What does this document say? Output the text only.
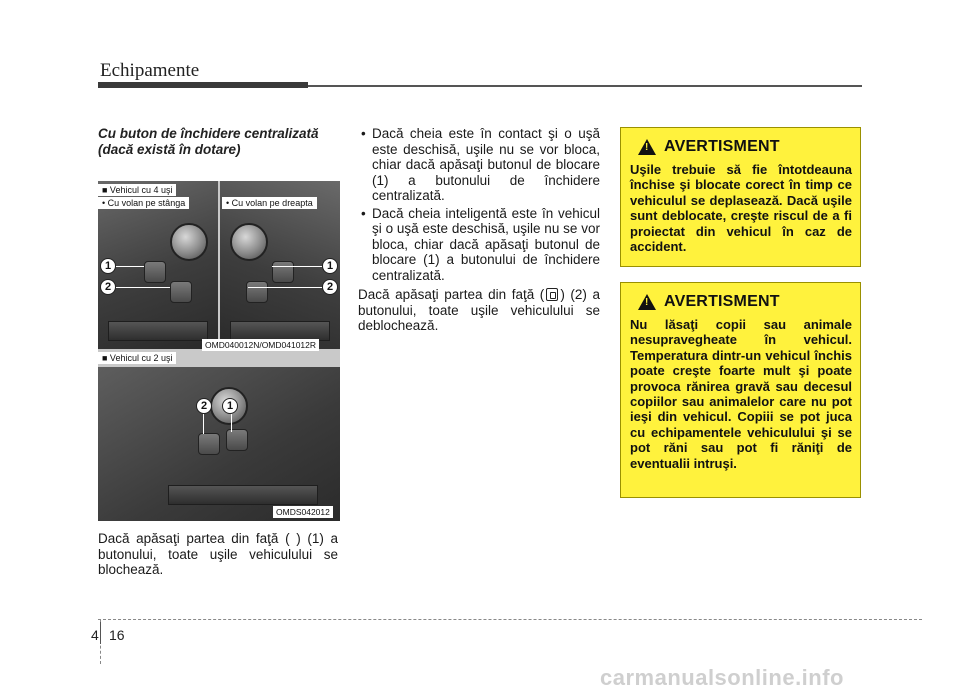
Echipamente
Cu buton de închidere centralizată (dacă există în dotare)
■ Vehicul cu 4 uşi
• Cu volan pe stânga	• Cu volan pe dreapta
1
2
1
2
OMD040012N/OMD041012R
■ Vehicul cu 2 uşi
2	1
OMDS042012
Dacă apăsaţi partea din faţă ( ) (1) a butonului, toate uşile vehiculului se blochează.
• Dacă cheia este în contact şi o uşă este deschisă, uşile nu se vor bloca, chiar dacă apăsaţi butonul de blocare (1) a butonului de închidere centralizată.
• Dacă cheia inteligentă este în vehicul şi o uşă este deschisă, uşile nu se vor bloca, chiar dacă apăsaţi butonul de blocare (1) a butonului de închidere centralizată.
Dacă apăsaţi partea din faţă ( ) (2) a butonului, toate uşile vehiculului se deblochează.
! AVERTISMENT
Uşile trebuie să fie întotdeauna închise şi blocate corect în timp ce vehiculul se deplasează. Dacă uşile sunt deblocate, creşte riscul de a fi proiectat din vehicul în caz de accident.
! AVERTISMENT
Nu lăsaţi copii sau animale nesupravegheate în vehicul. Temperatura dintr-un vehicul închis poate creşte foarte mult şi poate provoca rănirea gravă sau decesul copiilor sau animalelor care nu pot ieşi din vehicul. Copiii se pot juca cu echipamentele vehiculului şi se pot răni sau pot fi răniţi de eventualii intruşi.
4 16
carmanualsonline.info
